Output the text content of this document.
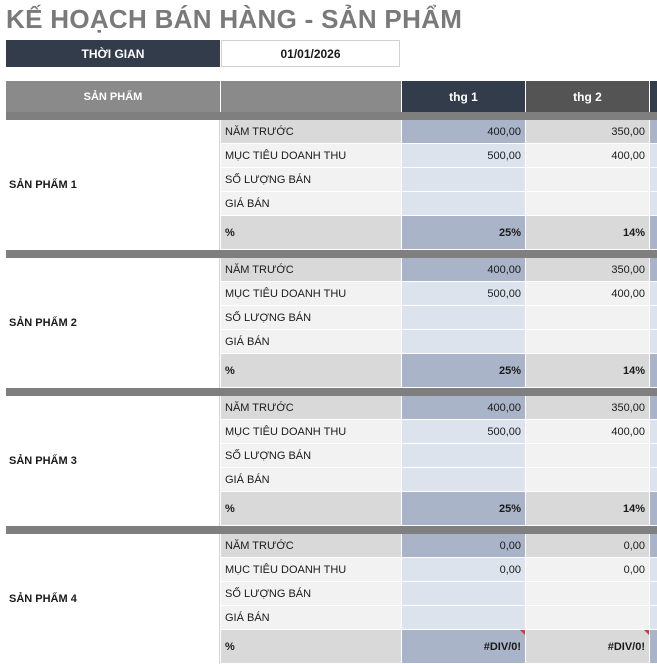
KẾ HOẠCH BÁN HÀNG - SẢN PHẨM
THỜI GIAN	01/01/2026
SẢN PHẨM	thg 1	thg 2
SẢN PHẨM 1
NĂM TRƯỚC	400,00	350,00
MỤC TIÊU DOANH THU	500,00	400,00
SỐ LƯỢNG BÁN
GIÁ BÁN
%	25%	14%
SẢN PHẨM 2
NĂM TRƯỚC	400,00	350,00
MỤC TIÊU DOANH THU	500,00	400,00
SỐ LƯỢNG BÁN
GIÁ BÁN
%	25%	14%
SẢN PHẨM 3
NĂM TRƯỚC	400,00	350,00
MỤC TIÊU DOANH THU	500,00	400,00
SỐ LƯỢNG BÁN
GIÁ BÁN
%	25%	14%
SẢN PHẨM 4
NĂM TRƯỚC	0,00	0,00
MỤC TIÊU DOANH THU	0,00	0,00
SỐ LƯỢNG BÁN
GIÁ BÁN
%	#DIV/0!	#DIV/0!
